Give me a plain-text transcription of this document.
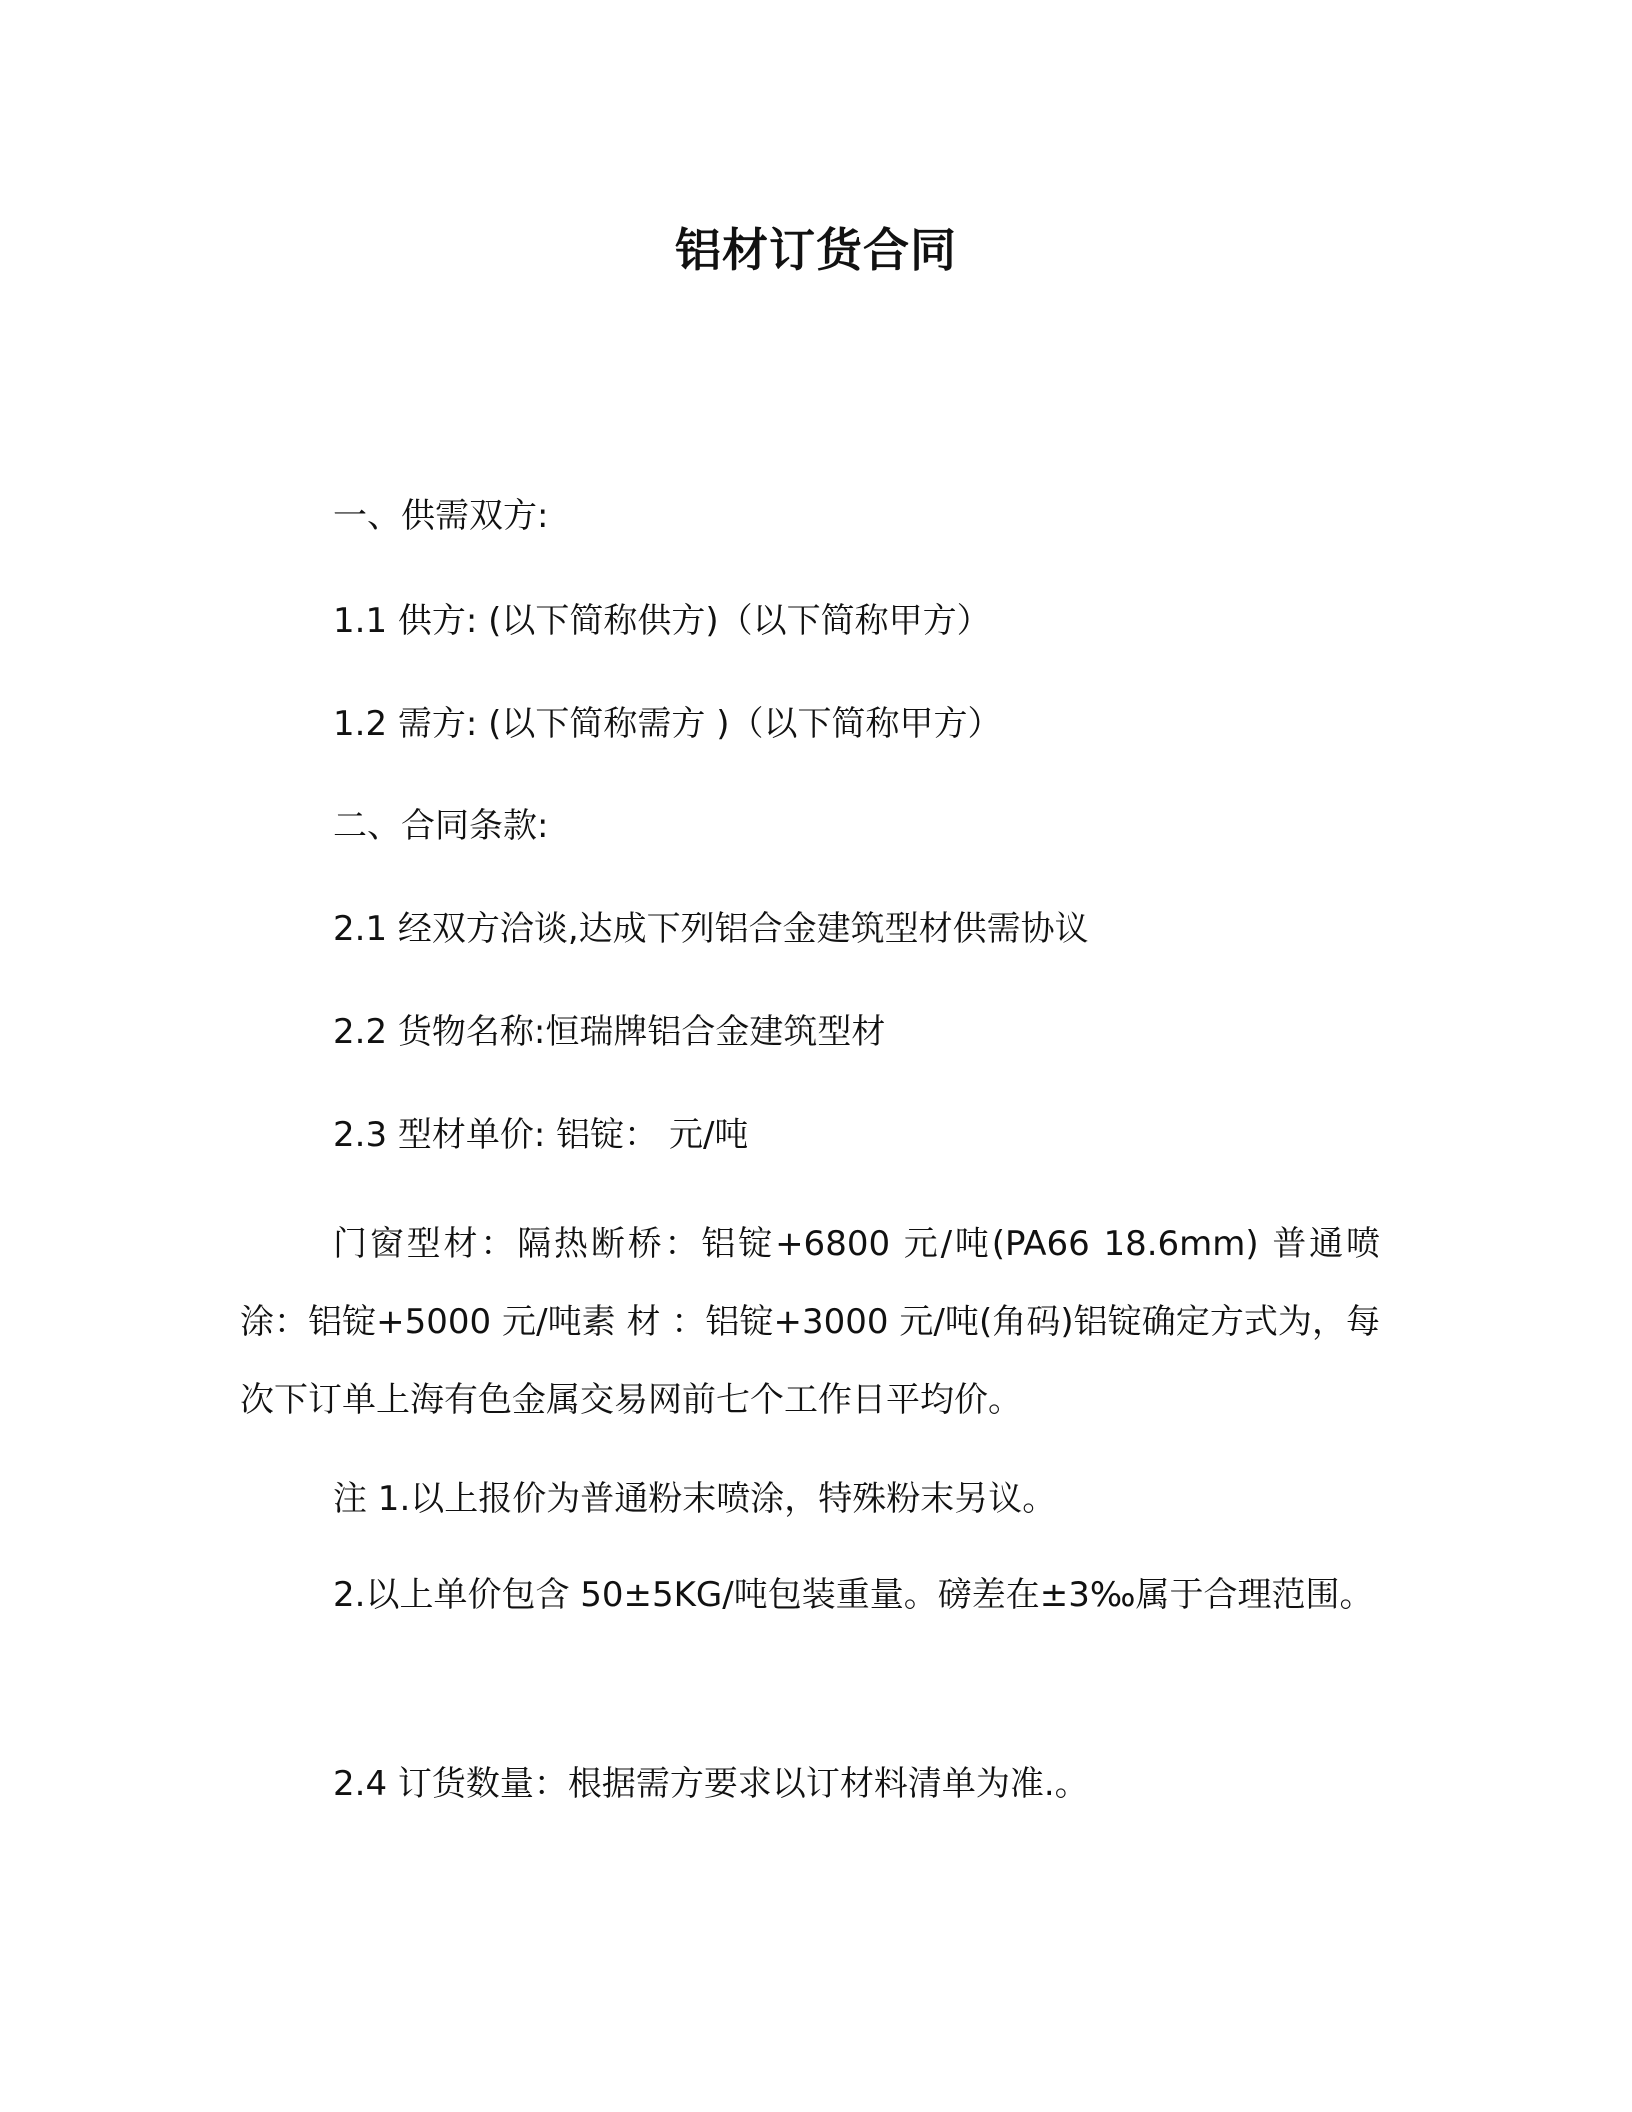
铝材订货合同
一、供需双方:
1.1 供方: (以下简称供方)（以下简称甲方）
1.2 需方: (以下简称需方 )（以下简称甲方）
二、合同条款:
2.1 经双方洽谈,达成下列铝合金建筑型材供需协议
2.2 货物名称:恒瑞牌铝合金建筑型材
2.3 型材单价: 铝锭： 元/吨
门窗型材：隔热断桥：铝锭+6800 元/吨(PA66 18.6mm) 普通喷涂：铝锭+5000 元/吨素 材 ：铝锭+3000 元/吨(角码)铝锭确定方式为，每次下订单上海有色金属交易网前七个工作日平均价。
注 1.以上报价为普通粉末喷涂，特殊粉末另议。
2.以上单价包含 50±5KG/吨包装重量。磅差在±3‰属于合理范围。
2.4 订货数量：根据需方要求以订材料清单为准.。
